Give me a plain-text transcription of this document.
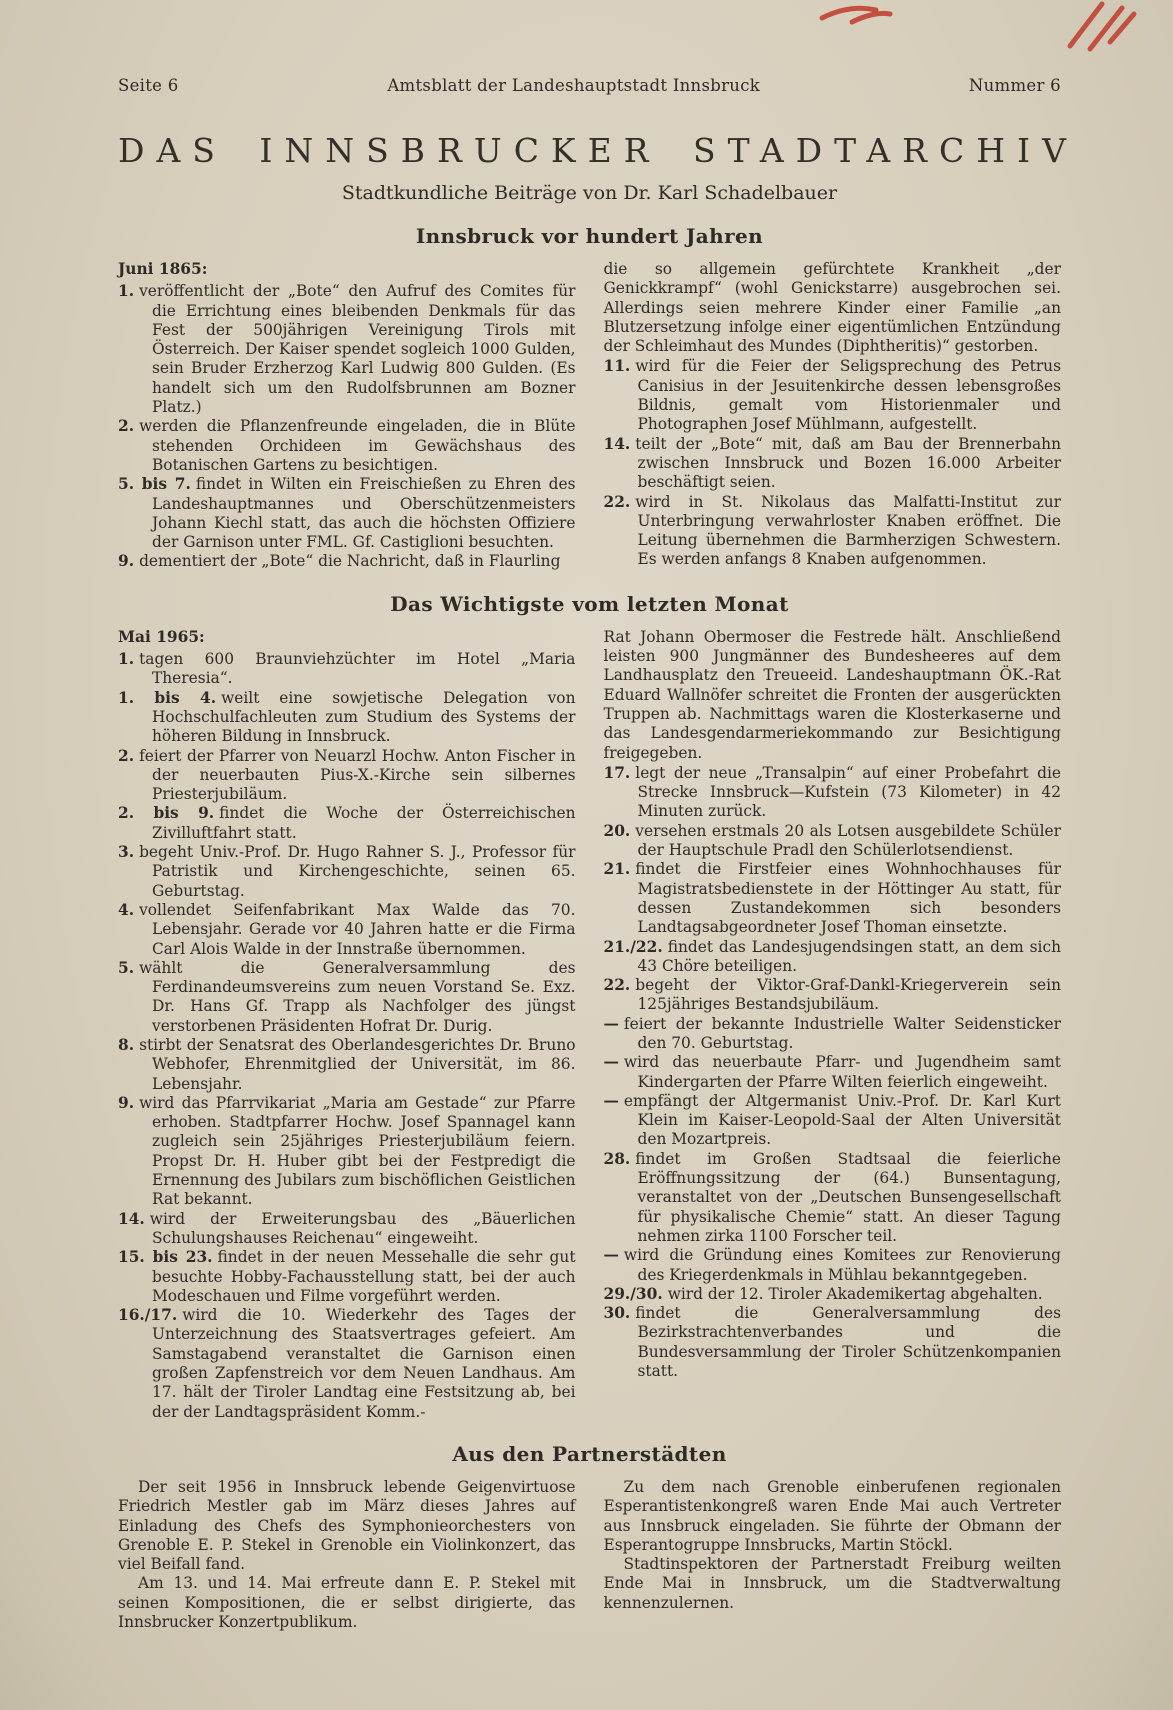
Seite 6	Amtsblatt der Landeshauptstadt Innsbruck	Nummer 6
DAS INNSBRUCKER STADTARCHIV
Stadtkundliche Beiträge von Dr. Karl Schadelbauer
Innsbruck vor hundert Jahren
Juni 1865:
1. veröffentlicht der „Bote“ den Aufruf des Comites für die Errichtung eines bleibenden Denkmals für das Fest der 500jährigen Vereinigung Tirols mit Österreich. Der Kaiser spendet sogleich 1000 Gulden, sein Bruder Erzherzog Karl Ludwig 800 Gulden. (Es handelt sich um den Rudolfsbrunnen am Bozner Platz.)
2. werden die Pflanzenfreunde eingeladen, die in Blüte stehenden Orchideen im Gewächshaus des Botanischen Gartens zu besichtigen.
5. bis 7. findet in Wilten ein Freischießen zu Ehren des Landeshauptmannes und Oberschützenmeisters Johann Kiechl statt, das auch die höchsten Offiziere der Garnison unter FML. Gf. Castiglioni besuchten.
9. dementiert der „Bote“ die Nachricht, daß in Flaurling
die so allgemein gefürchtete Krankheit „der Genickkrampf“ (wohl Genickstarre) ausgebrochen sei. Allerdings seien mehrere Kinder einer Familie „an Blutzersetzung infolge einer eigentümlichen Entzündung der Schleimhaut des Mundes (Diphtheritis)“ gestorben.
11. wird für die Feier der Seligsprechung des Petrus Canisius in der Jesuitenkirche dessen lebensgroßes Bildnis, gemalt vom Historienmaler und Photographen Josef Mühlmann, aufgestellt.
14. teilt der „Bote“ mit, daß am Bau der Brennerbahn zwischen Innsbruck und Bozen 16.000 Arbeiter beschäftigt seien.
22. wird in St. Nikolaus das Malfatti-Institut zur Unterbringung verwahrloster Knaben eröffnet. Die Leitung übernehmen die Barmherzigen Schwestern. Es werden anfangs 8 Knaben aufgenommen.
Das Wichtigste vom letzten Monat
Mai 1965:
1. tagen 600 Braunviehzüchter im Hotel „Maria Theresia“.
1. bis 4. weilt eine sowjetische Delegation von Hochschulfachleuten zum Studium des Systems der höheren Bildung in Innsbruck.
2. feiert der Pfarrer von Neuarzl Hochw. Anton Fischer in der neuerbauten Pius-X.-Kirche sein silbernes Priesterjubiläum.
2. bis 9. findet die Woche der Österreichischen Zivilluftfahrt statt.
3. begeht Univ.-Prof. Dr. Hugo Rahner S. J., Professor für Patristik und Kirchengeschichte, seinen 65. Geburtstag.
4. vollendet Seifenfabrikant Max Walde das 70. Lebensjahr. Gerade vor 40 Jahren hatte er die Firma Carl Alois Walde in der Innstraße übernommen.
5. wählt die Generalversammlung des Ferdinandeumsvereins zum neuen Vorstand Se. Exz. Dr. Hans Gf. Trapp als Nachfolger des jüngst verstorbenen Präsidenten Hofrat Dr. Durig.
8. stirbt der Senatsrat des Oberlandesgerichtes Dr. Bruno Webhofer, Ehrenmitglied der Universität, im 86. Lebensjahr.
9. wird das Pfarrvikariat „Maria am Gestade“ zur Pfarre erhoben. Stadtpfarrer Hochw. Josef Spannagel kann zugleich sein 25jähriges Priesterjubiläum feiern. Propst Dr. H. Huber gibt bei der Festpredigt die Ernennung des Jubilars zum bischöflichen Geistlichen Rat bekannt.
14. wird der Erweiterungsbau des „Bäuerlichen Schulungshauses Reichenau“ eingeweiht.
15. bis 23. findet in der neuen Messehalle die sehr gut besuchte Hobby-Fachausstellung statt, bei der auch Modeschauen und Filme vorgeführt werden.
16./17. wird die 10. Wiederkehr des Tages der Unterzeichnung des Staatsvertrages gefeiert. Am Samstagabend veranstaltet die Garnison einen großen Zapfenstreich vor dem Neuen Landhaus. Am 17. hält der Tiroler Landtag eine Festsitzung ab, bei der der Landtagspräsident Komm.-
Rat Johann Obermoser die Festrede hält. Anschließend leisten 900 Jungmänner des Bundesheeres auf dem Landhausplatz den Treueeid. Landeshauptmann ÖK.-Rat Eduard Wallnöfer schreitet die Fronten der ausgerückten Truppen ab. Nachmittags waren die Klosterkaserne und das Landesgendarmeriekommando zur Besichtigung freigegeben.
17. legt der neue „Transalpin“ auf einer Probefahrt die Strecke Innsbruck—Kufstein (73 Kilometer) in 42 Minuten zurück.
20. versehen erstmals 20 als Lotsen ausgebildete Schüler der Hauptschule Pradl den Schülerlotsendienst.
21. findet die Firstfeier eines Wohnhochhauses für Magistratsbedienstete in der Höttinger Au statt, für dessen Zustandekommen sich besonders Landtagsabgeordneter Josef Thoman einsetzte.
21./22. findet das Landesjugendsingen statt, an dem sich 43 Chöre beteiligen.
22. begeht der Viktor-Graf-Dankl-Kriegerverein sein 125jähriges Bestandsjubiläum.
— feiert der bekannte Industrielle Walter Seidensticker den 70. Geburtstag.
— wird das neuerbaute Pfarr- und Jugendheim samt Kindergarten der Pfarre Wilten feierlich eingeweiht.
— empfängt der Altgermanist Univ.-Prof. Dr. Karl Kurt Klein im Kaiser-Leopold-Saal der Alten Universität den Mozartpreis.
28. findet im Großen Stadtsaal die feierliche Eröffnungssitzung der (64.) Bunsentagung, veranstaltet von der „Deutschen Bunsengesellschaft für physikalische Chemie“ statt. An dieser Tagung nehmen zirka 1100 Forscher teil.
— wird die Gründung eines Komitees zur Renovierung des Kriegerdenkmals in Mühlau bekanntgegeben.
29./30. wird der 12. Tiroler Akademikertag abgehalten.
30. findet die Generalversammlung des Bezirkstrachtenverbandes und die Bundesversammlung der Tiroler Schützenkompanien statt.
Aus den Partnerstädten

Der seit 1956 in Innsbruck lebende Geigenvirtuose Friedrich Mestler gab im März dieses Jahres auf Einladung des Chefs des Symphonieorchesters von Grenoble E. P. Stekel in Grenoble ein Violinkonzert, das viel Beifall fand.

Am 13. und 14. Mai erfreute dann E. P. Stekel mit seinen Kompositionen, die er selbst dirigierte, das Innsbrucker Konzertpublikum.

Zu dem nach Grenoble einberufenen regionalen Esperantistenkongreß waren Ende Mai auch Vertreter aus Innsbruck eingeladen. Sie führte der Obmann der Esperantogruppe Innsbrucks, Martin Stöckl.

Stadtinspektoren der Partnerstadt Freiburg weilten Ende Mai in Innsbruck, um die Stadtverwaltung kennenzulernen.
